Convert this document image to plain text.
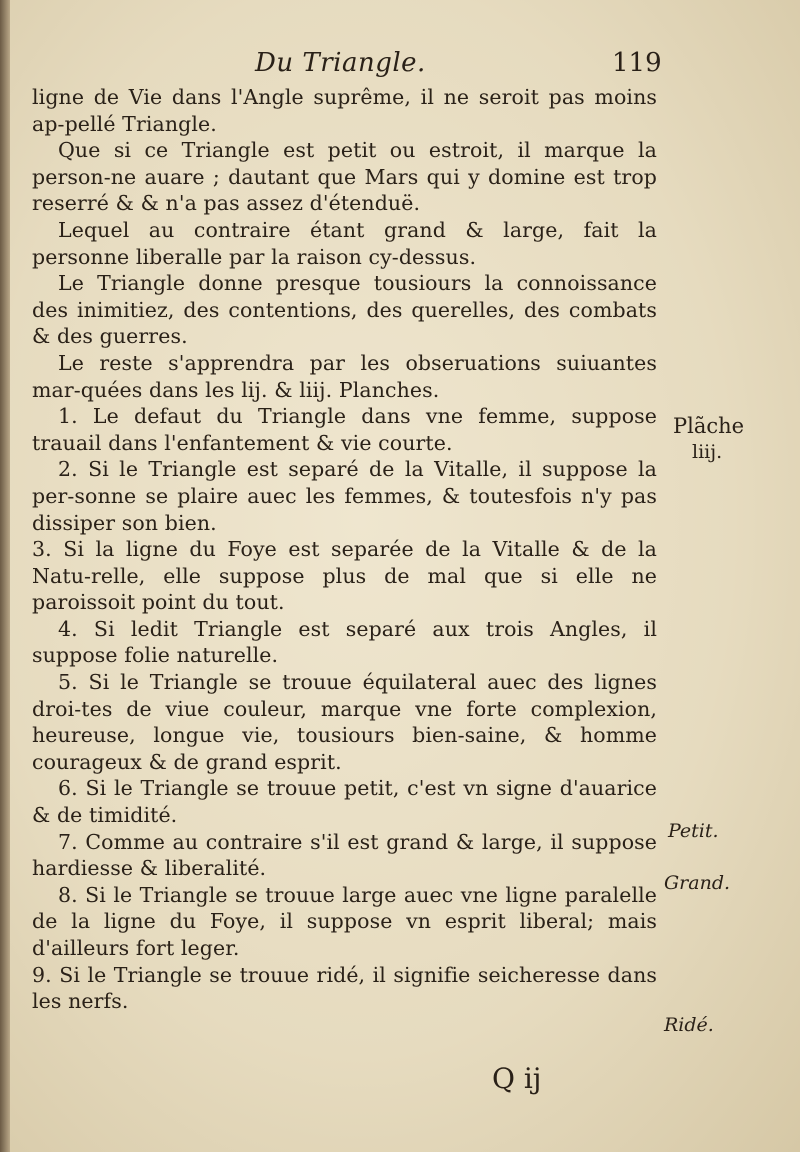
Du Triangle.	119

ligne de Vie dans l'Angle suprême, il ne seroit pas moins ap-pellé Triangle.

Que si ce Triangle est petit ou estroit, il marque la person-ne auare ; dautant que Mars qui y domine est trop reserré & & n'a pas assez d'étenduë.

Lequel au contraire étant grand & large, fait la personne liberalle par la raison cy-dessus.

Le Triangle donne presque tousiours la connoissance des inimitiez, des contentions, des querelles, des combats & des guerres.

Le reste s'apprendra par les obseruations suiuantes mar-quées dans les lij. & liij. Planches.

1. Le defaut du Triangle dans vne femme, suppose trauail dans l'enfantement & vie courte.

2. Si le Triangle est separé de la Vitalle, il suppose la per-sonne se plaire auec les femmes, & toutesfois n'y pas dissiper son bien.

3. Si la ligne du Foye est separée de la Vitalle & de la Natu-relle, elle suppose plus de mal que si elle ne paroissoit point du tout.

4. Si ledit Triangle est separé aux trois Angles, il suppose folie naturelle.

5. Si le Triangle se trouue équilateral auec des lignes droi-tes de viue couleur, marque vne forte complexion, heureuse, longue vie, tousiours bien-saine, & homme courageux & de grand esprit.

6. Si le Triangle se trouue petit, c'est vn signe d'auarice & de timidité.

7. Comme au contraire s'il est grand & large, il suppose hardiesse & liberalité.

8. Si le Triangle se trouue large auec vne ligne paralelle de la ligne du Foye, il suppose vn esprit liberal; mais d'ailleurs fort leger.

9. Si le Triangle se trouue ridé, il signifie seicheresse dans les nerfs.

Plãche
liij.
Petit.
Grand.
Ridé.
Q ij
